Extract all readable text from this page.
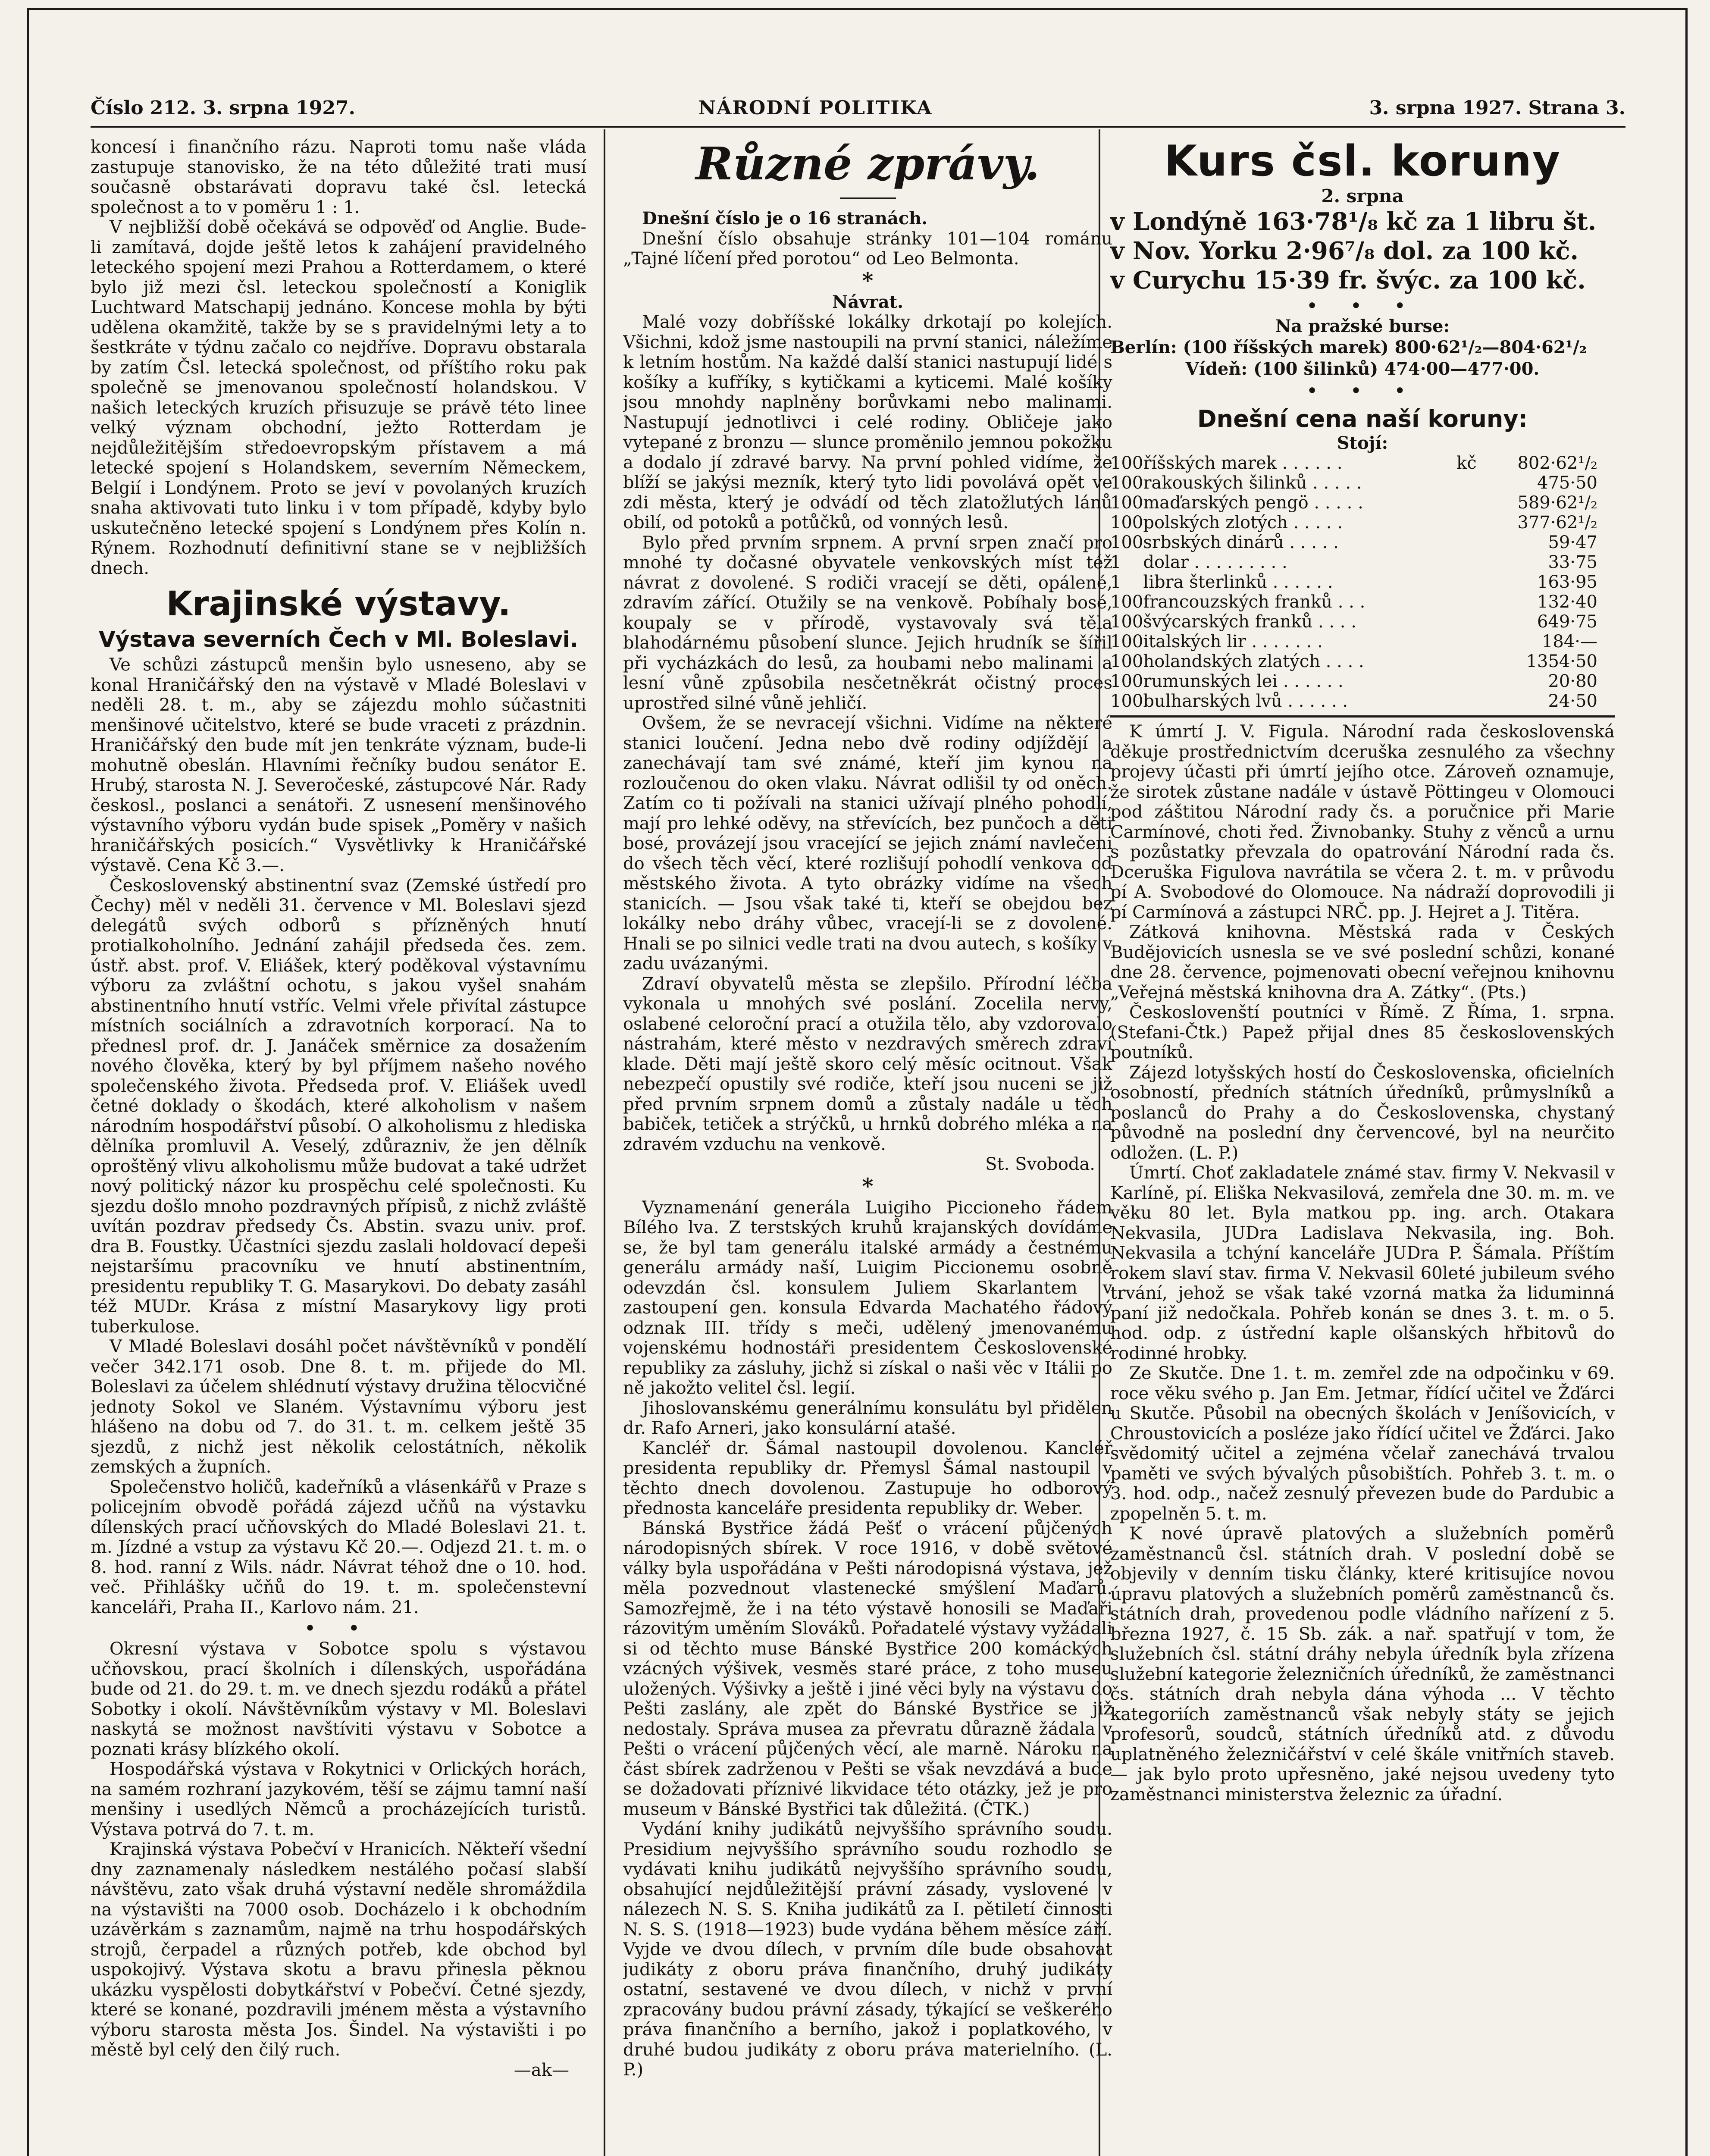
Číslo 212. 3. srpna 1927.	NÁRODNÍ POLITIKA	3. srpna 1927. Strana 3.

koncesí i finančního rázu. Naproti tomu naše vláda zastupuje stanovisko, že na této důležité trati musí současně obstarávati dopravu také čsl. letecká společnost a to v poměru 1 : 1.

V nejbližší době očekává se odpověď od Anglie. Bude-li zamítavá, dojde ještě letos k zahájení pravidelného leteckého spojení mezi Prahou a Rotterdamem, o které bylo již mezi čsl. leteckou společností a Koniglik Luchtward Matschapij jednáno. Koncese mohla by býti udělena okamžitě, takže by se s pravidelnými lety a to šestkráte v týdnu začalo co nejdříve. Dopravu obstarala by zatím Čsl. letecká společnost, od příštího roku pak společně se jmenovanou společností holandskou. V našich leteckých kruzích přisuzuje se právě této linee velký význam obchodní, ježto Rotterdam je nejdůležitějším středoevropským přístavem a má letecké spojení s Holandskem, severním Německem, Belgií i Londýnem. Proto se jeví v povolaných kruzích snaha aktivovati tuto linku i v tom případě, kdyby bylo uskutečněno letecké spojení s Londýnem přes Kolín n. Rýnem. Rozhodnutí definitivní stane se v nejbližších dnech.

Krajinské výstavy.
Výstava severních Čech v Ml. Boleslavi.

Ve schůzi zástupců menšin bylo usneseno, aby se konal Hraničářský den na výstavě v Mladé Boleslavi v neděli 28. t. m., aby se zájezdu mohlo súčastniti menšinové učitelstvo, které se bude vraceti z prázdnin. Hraničářský den bude mít jen tenkráte význam, bude-li mohutně obeslán. Hlavními řečníky budou senátor E. Hrubý, starosta N. J. Severočeské, zástupcové Nár. Rady českosl., poslanci a senátoři. Z usnesení menšinového výstavního výboru vydán bude spisek „Poměry v našich hraničářských posicích.“ Vysvětlivky k Hraničářské výstavě. Cena Kč 3.—.

Československý abstinentní svaz (Zemské ústředí pro Čechy) měl v neděli 31. července v Ml. Boleslavi sjezd delegátů svých odborů s přízněných hnutí protialkoholního. Jednání zahájil předseda čes. zem. ústř. abst. prof. V. Eliášek, který poděkoval výstavnímu výboru za zvláštní ochotu, s jakou vyšel snahám abstinentního hnutí vstříc. Velmi vřele přivítal zástupce místních sociálních a zdravotních korporací. Na to přednesl prof. dr. J. Janáček směrnice za dosažením nového člověka, který by byl příjmem našeho nového společenského života. Předseda prof. V. Eliášek uvedl četné doklady o škodách, které alkoholism v našem národním hospodářství působí. O alkoholismu z hlediska dělníka promluvil A. Veselý, zdůrazniv, že jen dělník oproštěný vlivu alkoholismu může budovat a také udržet nový politický názor ku prospěchu celé společnosti. Ku sjezdu došlo mnoho pozdravných přípisů, z nichž zvláště uvítán pozdrav předsedy Čs. Abstin. svazu univ. prof. dra B. Foustky. Účastníci sjezdu zaslali holdovací depeši nejstaršímu pracovníku ve hnutí abstinentním, presidentu republiky T. G. Masarykovi. Do debaty zasáhl též MUDr. Krása z místní Masarykovy ligy proti tuberkulose.

V Mladé Boleslavi dosáhl počet návštěvníků v pondělí večer 342.171 osob. Dne 8. t. m. přijede do Ml. Boleslavi za účelem shlédnutí výstavy družina tělocvičné jednoty Sokol ve Slaném. Výstavnímu výboru jest hlášeno na dobu od 7. do 31. t. m. celkem ještě 35 sjezdů, z nichž jest několik celostátních, několik zemských a župních.

Společenstvo holičů, kadeřníků a vlásenkářů v Praze s policejním obvodě pořádá zájezd učňů na výstavku dílenských prací učňovských do Mladé Boleslavi 21. t. m. Jízdné a vstup za výstavu Kč 20.—. Odjezd 21. t. m. o 8. hod. ranní z Wils. nádr. Návrat téhož dne o 10. hod. več. Přihlášky učňů do 19. t. m. společenstevní kanceláři, Praha II., Karlovo nám. 21.

• •

Okresní výstava v Sobotce spolu s výstavou učňovskou, prací školních i dílenských, uspořádána bude od 21. do 29. t. m. ve dnech sjezdu rodáků a přátel Sobotky i okolí. Návštěvníkům výstavy v Ml. Boleslavi naskytá se možnost navštíviti výstavu v Sobotce a poznati krásy blízkého okolí.

Hospodářská výstava v Rokytnici v Orlických horách, na samém rozhraní jazykovém, těší se zájmu tamní naší menšiny i usedlých Němců a procházejících turistů. Výstava potrvá do 7. t. m.

Krajinská výstava Pobečví v Hranicích. Někteří všední dny zaznamenaly následkem nestálého počasí slabší návštěvu, zato však druhá výstavní neděle shromáždila na výstavišti na 7000 osob. Docházelo i k obchodním uzávěrkám s zaznamům, najmě na trhu hospodářských strojů, čerpadel a různých potřeb, kde obchod byl uspokojivý. Výstava skotu a bravu přinesla pěknou ukázku vyspělosti dobytkářství v Pobečví. Četné sjezdy, které se konané, pozdravili jménem města a výstavního výboru starosta města Jos. Šindel. Na výstavišti i po městě byl celý den čilý ruch.

—ak—
Různé zprávy.

Dnešní číslo je o 16 stranách.

Dnešní číslo obsahuje stránky 101—104 románu „Tajné líčení před porotou“ od Leo Belmonta.

*
Návrat.

Malé vozy dobříšské lokálky drkotají po kolejích. Všichni, kdož jsme nastoupili na první stanici, náležíme k letním hostům. Na každé další stanici nastupují lidé s košíky a kufříky, s kytičkami a kyticemi. Malé košíky jsou mnohdy naplněny borůvkami nebo malinami. Nastupují jednotlivci i celé rodiny. Obličeje jako vytepané z bronzu — slunce proměnilo jemnou pokožku a dodalo jí zdravé barvy. Na první pohled vidíme, že blíží se jakýsi mezník, který tyto lidi povolává opět ve zdi města, který je odvádí od těch zlatožlutých lánů obilí, od potoků a potůčků, od vonných lesů.

Bylo před prvním srpnem. A první srpen značí pro mnohé ty dočasné obyvatele venkovských míst též návrat z dovolené. S rodiči vracejí se děti, opálené, zdravím zářící. Otužily se na venkově. Pobíhaly bosé, koupaly se v přírodě, vystavovaly svá těla blahodárnému působení slunce. Jejich hrudník se šířil při vycházkách do lesů, za houbami nebo malinami a lesní vůně způsobila nesčetněkrát očistný proces uprostřed silné vůně jehličí.

Ovšem, že se nevracejí všichni. Vidíme na některé stanici loučení. Jedna nebo dvě rodiny odjíždějí a zanechávají tam své známé, kteří jim kynou na rozloučenou do oken vlaku. Návrat odlišil ty od oněch. Zatím co ti požívali na stanici užívají plného pohodlí, mají pro lehké oděvy, na střevících, bez punčoch a děti bosé, provázejí jsou vracející se jejich známí navlečeni do všech těch věcí, které rozlišují pohodlí venkova od městského života. A tyto obrázky vidíme na všech stanicích. — Jsou však také ti, kteří se obejdou bez lokálky nebo dráhy vůbec, vracejí-li se z dovolené. Hnali se po silnici vedle trati na dvou autech, s košíky v zadu uvázanými.

Zdraví obyvatelů města se zlepšilo. Přírodní léčba vykonala u mnohých své poslání. Zocelila nervy, oslabené celoroční prací a otužila tělo, aby vzdorovalo nástrahám, které město v nezdravých směrech zdraví klade. Děti mají ještě skoro celý měsíc ocitnout. Však nebezpečí opustily své rodiče, kteří jsou nuceni se již před prvním srpnem domů a zůstaly nadále u těch babiček, tetiček a strýčků, u hrnků dobrého mléka a na zdravém vzduchu na venkově.

St. Svoboda.
*

Vyznamenání generála Luigiho Piccioneho řádem Bílého lva. Z terstských kruhů krajanských dovídáme se, že byl tam generálu italské armády a čestnému generálu armády naší, Luigim Piccionemu osobně odevzdán čsl. konsulem Juliem Skarlantem v zastoupení gen. konsula Edvarda Machatého řádový odznak III. třídy s meči, udělený jmenovanému vojenskému hodnostáři presidentem Československé republiky za zásluhy, jichž si získal o naši věc v Itálii po ně jakožto velitel čsl. legií.

Jihoslovanskému generálnímu konsulátu byl přidělen dr. Rafo Arneri, jako konsulární atašé.

Kancléř dr. Šámal nastoupil dovolenou. Kancléř presidenta republiky dr. Přemysl Šámal nastoupil v těchto dnech dovolenou. Zastupuje ho odborový přednosta kanceláře presidenta republiky dr. Weber.

Bánská Bystřice žádá Pešť o vrácení půjčených národopisných sbírek. V roce 1916, v době světové války byla uspořádána v Pešti národopisná výstava, jež měla pozvednout vlastenecké smýšlení Maďarů. Samozřejmě, že i na této výstavě honosili se Maďaři rázovitým uměním Slováků. Pořadatelé výstavy vyžádali si od těchto muse Bánské Bystřice 200 komáckých vzácných výšivek, vesměs staré práce, z toho museu uložených. Výšivky a ještě i jiné věci byly na výstavu do Pešti zaslány, ale zpět do Bánské Bystřice se již nedostaly. Správa musea za převratu důrazně žádala v Pešti o vrácení půjčených věcí, ale marně. Nároku na část sbírek zadrženou v Pešti se však nevzdává a bude se dožadovati příznivé likvidace této otázky, jež je pro museum v Bánské Bystřici tak důležitá. (ČTK.)

Vydání knihy judikátů nejvyššího správního soudu. Presidium nejvyššího správního soudu rozhodlo se vydávati knihu judikátů nejvyššího správního soudu, obsahující nejdůležitější právní zásady, vyslovené v nálezech N. S. S. Kniha judikátů za I. pětiletí činnosti N. S. S. (1918—1923) bude vydána během měsíce září. Vyjde ve dvou dílech, v prvním díle bude obsahovat judikáty z oboru práva finančního, druhý judikáty ostatní, sestavené ve dvou dílech, v nichž v první zpracovány budou právní zásady, týkající se veškerého práva finančního a berního, jakož i poplatkového, v druhé budou judikáty z oboru práva materielního. (L. P.)

Kurs čsl. koruny
2. srpna
v Londýně 163·78¹/₈ kč za 1 libru št.
v Nov. Yorku 2·96⁷/₈ dol. za 100 kč.
v Curychu 15·39 fr. švýc. za 100 kč.
• • •
Na pražské burse:
Berlín: (100 říšských marek) 800·62¹/₂—804·62¹/₂
Vídeň: (100 šilinků) 474·00—477·00.
• • •
Dnešní cena naší koruny:
Stojí:
100	říšských marek . . . . . .	kč	802·62¹/₂
100	rakouských šilinků . . . . .		475·50
100	maďarských pengö . . . . .		589·62¹/₂
100	polských zlotých . . . . .		377·62¹/₂
100	srbských dinárů . . . . .		59·47
1	dolar . . . . . . . . .		33·75
1	libra šterlinků . . . . . .		163·95
100	francouzských franků . . .		132·40
100	švýcarských franků . . . .		649·75
100	italských lir . . . . . . .		184·—
100	holandských zlatých . . . .		1354·50
100	rumunských lei . . . . . .		20·80
100	bulharských lvů . . . . . .		24·50

K úmrtí J. V. Figula. Národní rada československá děkuje prostřednictvím dceruška zesnulého za všechny projevy účasti při úmrtí jejího otce. Zároveň oznamuje, že sirotek zůstane nadále v ústavě Pöttingeu v Olomouci pod záštitou Národní rady čs. a poručnice při Marie Carmínové, choti řed. Živnobanky. Stuhy z věnců a urnu s pozůstatky převzala do opatrování Národní rada čs. Dceruška Figulova navrátila se včera 2. t. m. v průvodu pí A. Svobodové do Olomouce. Na nádraží doprovodili ji pí Carmínová a zástupci NRČ. pp. J. Hejret a J. Titěra.

Zátková knihovna. Městská rada v Českých Budějovicích usnesla se ve své poslední schůzi, konané dne 28. července, pojmenovati obecní veřejnou knihovnu „Veřejná městská knihovna dra A. Zátky“. (Pts.)

Českoslovenští poutníci v Římě. Z Říma, 1. srpna. (Stefani-Čtk.) Papež přijal dnes 85 československých poutníků.

Zájezd lotyšských hostí do Československa, oficielních osobností, předních státních úředníků, průmyslníků a poslanců do Prahy a do Československa, chystaný původně na poslední dny červencové, byl na neurčito odložen. (L. P.)

Úmrtí. Choť zakladatele známé stav. firmy V. Nekvasil v Karlíně, pí. Eliška Nekvasilová, zemřela dne 30. m. m. ve věku 80 let. Byla matkou pp. ing. arch. Otakara Nekvasila, JUDra Ladislava Nekvasila, ing. Boh. Nekvasila a tchýní kanceláře JUDra P. Šámala. Příštím rokem slaví stav. firma V. Nekvasil 60leté jubileum svého trvání, jehož se však také vzorná matka ža liduminná paní již nedočkala. Pohřeb konán se dnes 3. t. m. o 5. hod. odp. z ústřední kaple olšanských hřbitovů do rodinné hrobky.

Ze Skutče. Dne 1. t. m. zemřel zde na odpočinku v 69. roce věku svého p. Jan Em. Jetmar, řídící učitel ve Žďárci u Skutče. Působil na obecných školách v Jeníšovicích, v Chroustovicích a posléze jako řídící učitel ve Žďárci. Jako svědomitý učitel a zejména včelař zanechává trvalou paměti ve svých bývalých působištích. Pohřeb 3. t. m. o 3. hod. odp., načež zesnulý převezen bude do Pardubic a zpopelněn 5. t. m.

K nové úpravě platových a služebních poměrů zaměstnanců čsl. státních drah. V poslední době se objevily v denním tisku články, které kritisujíce novou úpravu platových a služebních poměrů zaměstnanců čs. státních drah, provedenou podle vládního nařízení z 5. března 1927, č. 15 Sb. zák. a nař. spatřují v tom, že služebních čsl. státní dráhy nebyla úředník byla zřízena služební kategorie železničních úředníků, že zaměstnanci čs. státních drah nebyla dána výhoda ... V těchto kategoriích zaměstnanců však nebyly státy se jejich profesorů, soudců, státních úředníků atd. z důvodu uplatněného železničářství v celé škále vnitřních staveb. — jak bylo proto upřesněno, jaké nejsou uvedeny tyto zaměstnanci ministerstva železnic za úřadní.
